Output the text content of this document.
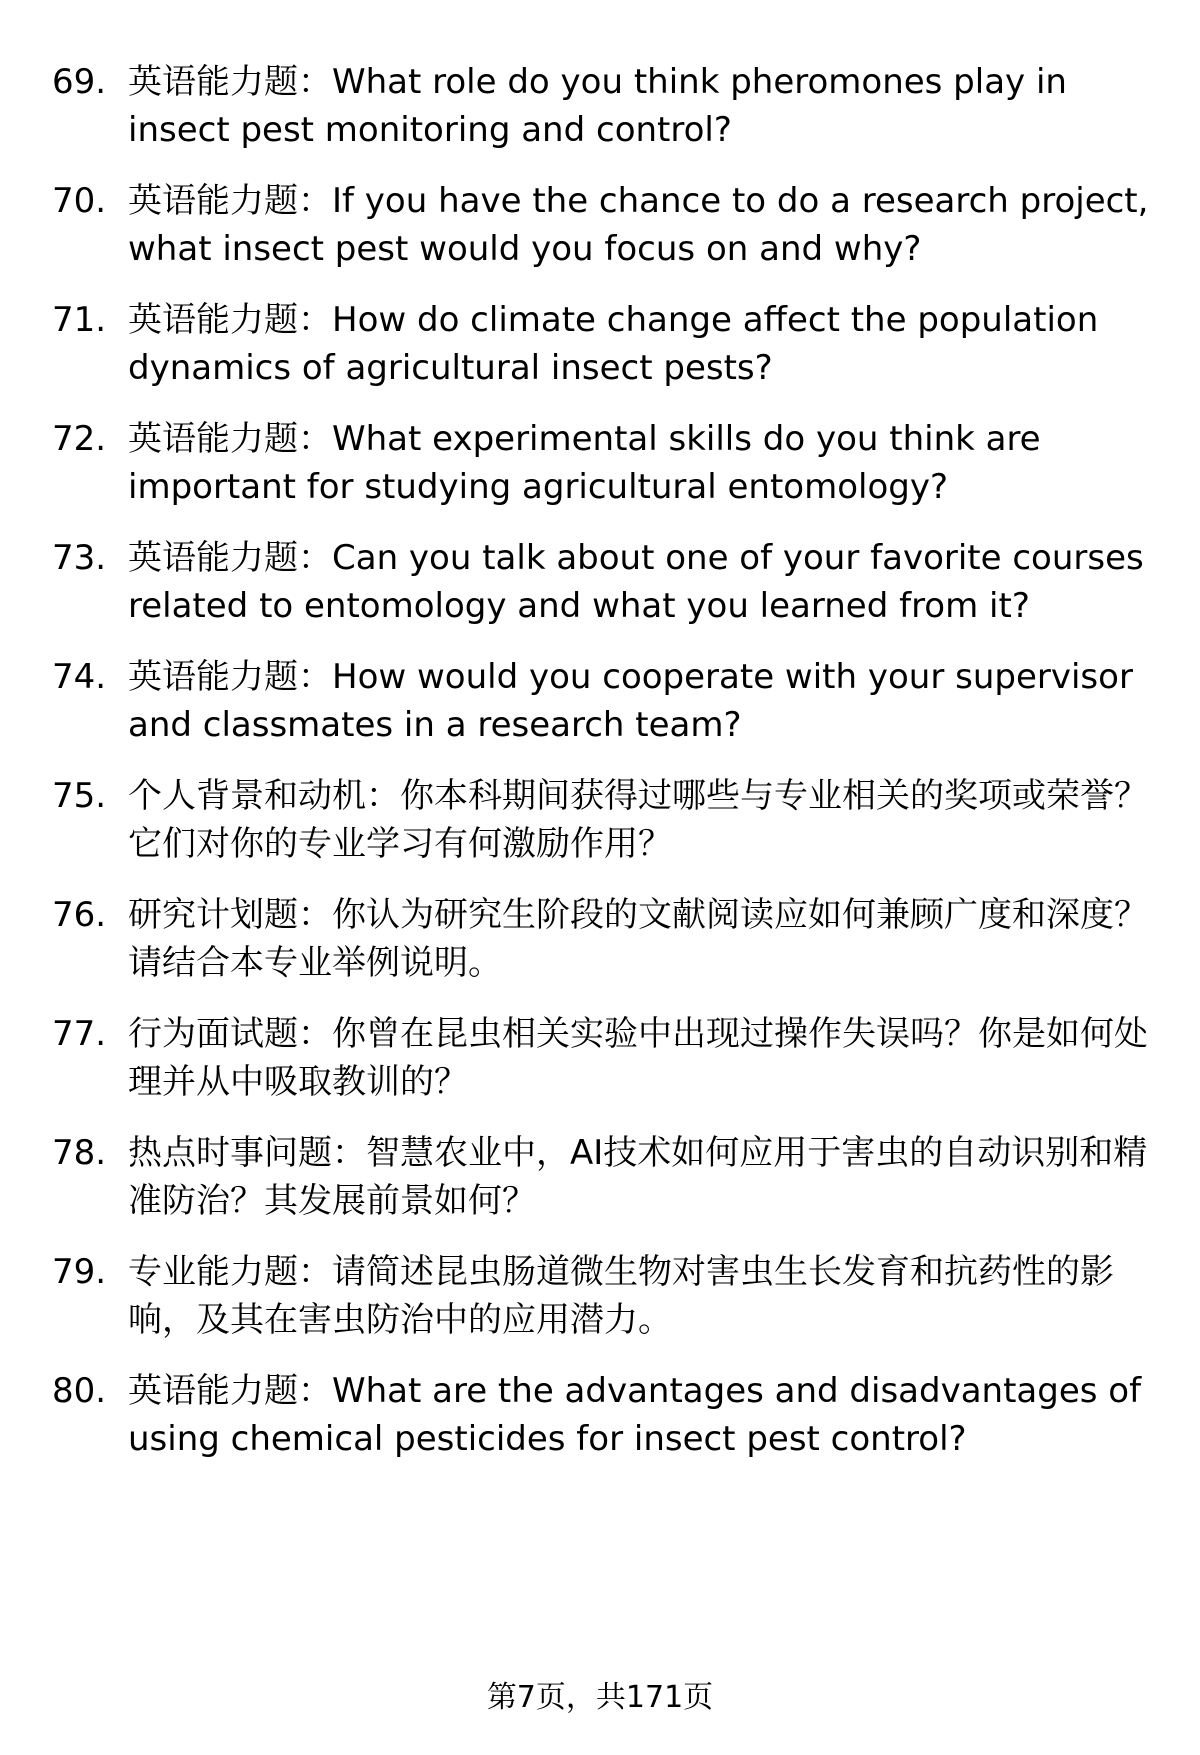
69. 英语能力题：What role do you think pheromones play in insect pest monitoring and control?
70. 英语能力题：If you have the chance to do a research project, what insect pest would you focus on and why?
71. 英语能力题：How do climate change affect the population dynamics of agricultural insect pests?
72. 英语能力题：What experimental skills do you think are important for studying agricultural entomology?
73. 英语能力题：Can you talk about one of your favorite courses related to entomology and what you learned from it?
74. 英语能力题：How would you cooperate with your supervisor and classmates in a research team?
75. 个人背景和动机：你本科期间获得过哪些与专业相关的奖项或荣誉？它们对你的专业学习有何激励作用？
76. 研究计划题：你认为研究生阶段的文献阅读应如何兼顾广度和深度？请结合本专业举例说明。
77. 行为面试题：你曾在昆虫相关实验中出现过操作失误吗？你是如何处理并从中吸取教训的？
78. 热点时事问题：智慧农业中，AI技术如何应用于害虫的自动识别和精准防治？其发展前景如何？
79. 专业能力题：请简述昆虫肠道微生物对害虫生长发育和抗药性的影响，及其在害虫防治中的应用潜力。
80. 英语能力题：What are the advantages and disadvantages of using chemical pesticides for insect pest control?
第7页，共171页
